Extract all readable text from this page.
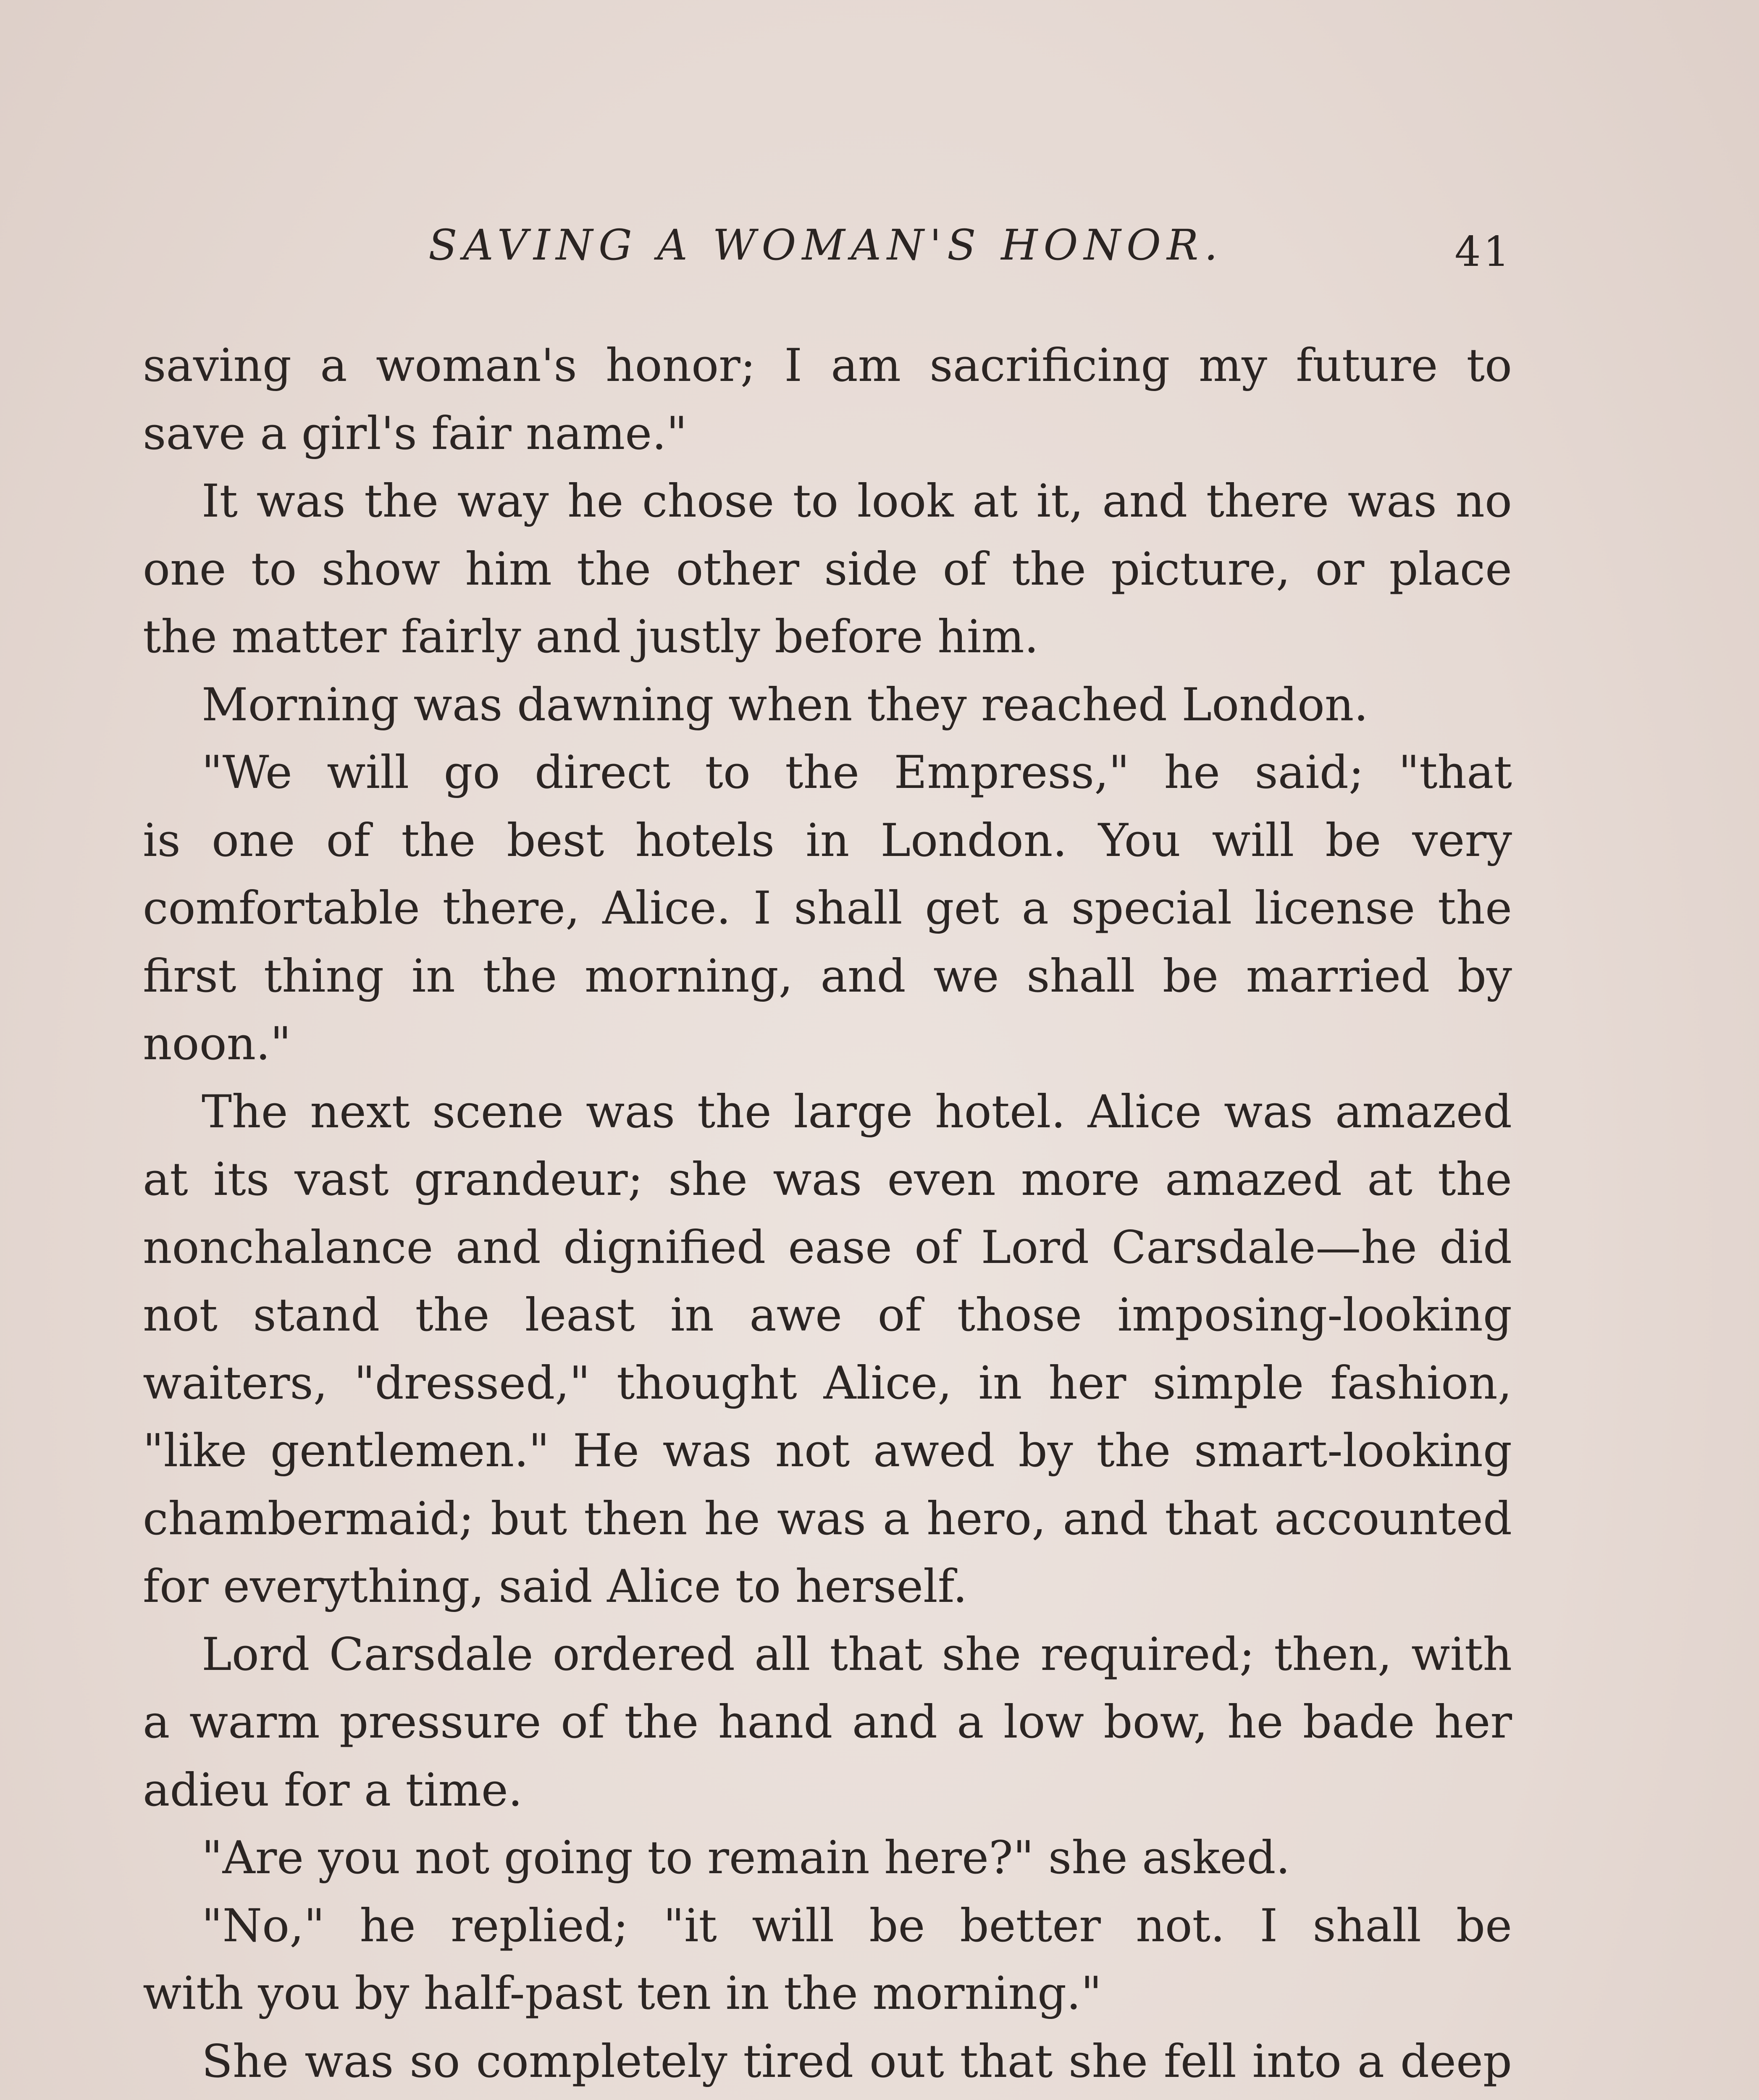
SAVING A WOMAN'S HONOR.	41
saving a woman's honor; I am sacrificing my future to
save a girl's fair name."
It was the way he chose to look at it, and there was no
one to show him the other side of the picture, or place
the matter fairly and justly before him.
Morning was dawning when they reached London.
"We will go direct to the Empress," he said; "that
is one of the best hotels in London. You will be very
comfortable there, Alice. I shall get a special license the
first thing in the morning, and we shall be married by
noon."
The next scene was the large hotel. Alice was amazed
at its vast grandeur; she was even more amazed at the
nonchalance and dignified ease of Lord Carsdale—he did
not stand the least in awe of those imposing-looking
waiters, "dressed," thought Alice, in her simple fashion,
"like gentlemen." He was not awed by the smart-looking
chambermaid; but then he was a hero, and that accounted
for everything, said Alice to herself.
Lord Carsdale ordered all that she required; then, with
a warm pressure of the hand and a low bow, he bade her
adieu for a time.
"Are you not going to remain here?" she asked.
"No," he replied; "it will be better not. I shall be
with you by half-past ten in the morning."
She was so completely tired out that she fell into a deep
